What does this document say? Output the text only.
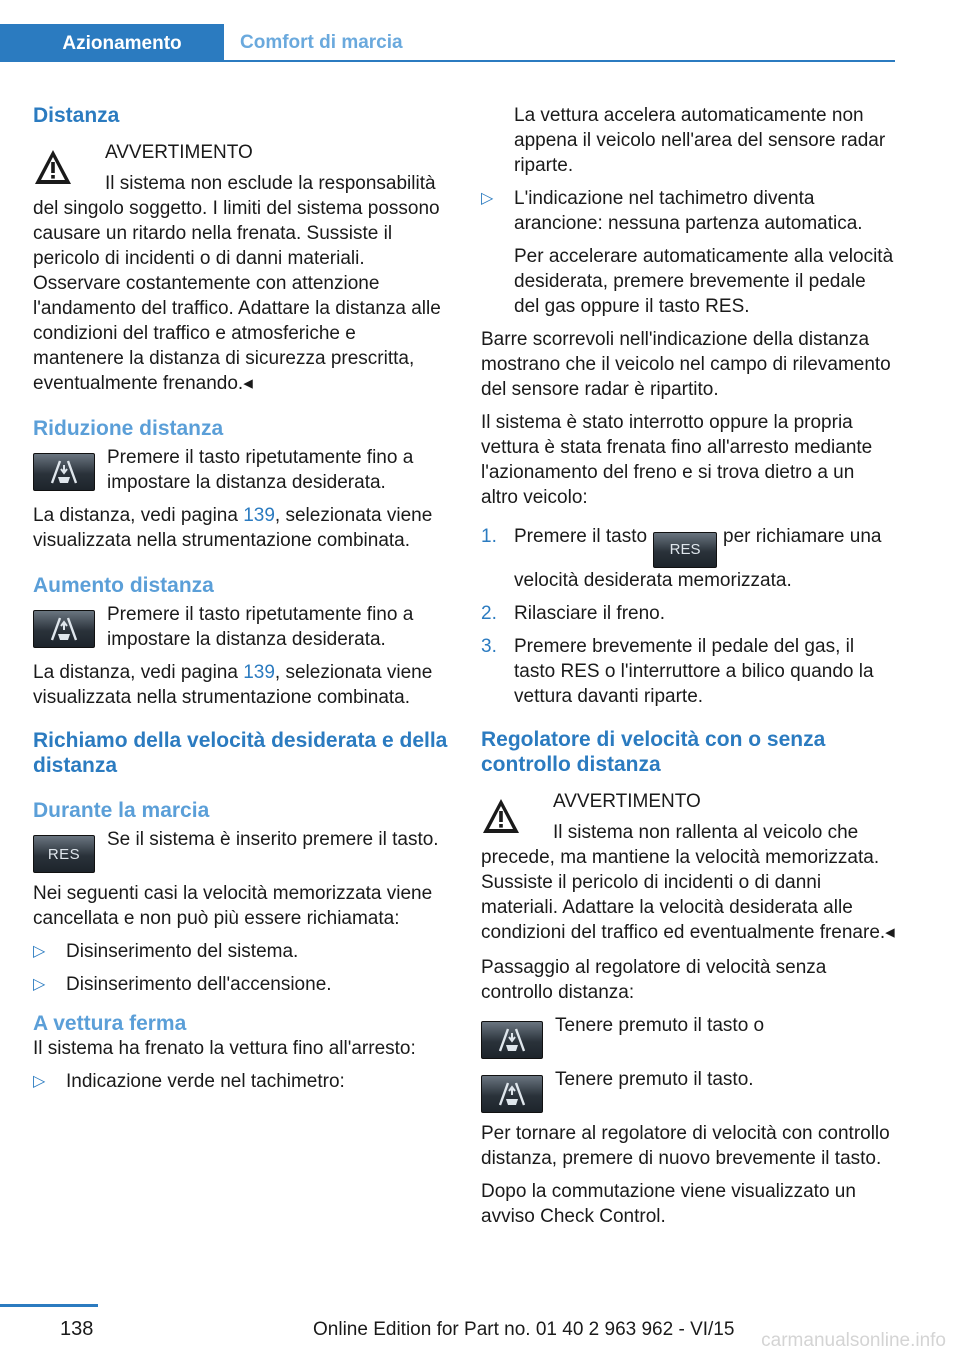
Azionamento	Comfort di marcia
Distanza
AVVERTIMENTO

Il sistema non esclude la responsabilità del singolo soggetto. I limiti del sistema possono causare un ritardo nella frenata. Sussiste il pericolo di incidenti o di danni materiali. Osservare costantemente con attenzione l'andamento del traffico. Adattare la distanza alle condizioni del traffico e atmosferiche e mantenere la distanza di sicurezza prescritta, eventualmente frenando.◂

Riduzione distanza
Premere il tasto ripetutamente fino a impostare la distanza desiderata.

La distanza, vedi pagina 139, selezionata viene visualizzata nella strumentazione combinata.

Aumento distanza
Premere il tasto ripetutamente fino a impostare la distanza desiderata.

La distanza, vedi pagina 139, selezionata viene visualizzata nella strumentazione combinata.

Richiamo della velocità desiderata e della distanza
Durante la marcia
RES
Se il sistema è inserito premere il tasto.

Nei seguenti casi la velocità memorizzata viene cancellata e non può più essere richiamata:

▷	Disinserimento del sistema.
▷	Disinserimento dell'accensione.
A vettura ferma

Il sistema ha frenato la vettura fino all'arresto:

▷	Indicazione verde nel tachimetro:

La vettura accelera automaticamente non appena il veicolo nell'area del sensore radar riparte.

▷	L'indicazione nel tachimetro diventa arancione: nessuna partenza automatica.

Per accelerare automaticamente alla velocità desiderata, premere brevemente il pedale del gas oppure il tasto RES.

Barre scorrevoli nell'indicazione della distanza mostrano che il veicolo nel campo di rilevamento del sensore radar è ripartito.

Il sistema è stato interrotto oppure la propria vettura è stata frenata fino all'arresto mediante l'azionamento del freno e si trova dietro a un altro veicolo:

1. Premere il tastoRESper richiamare una velocità desiderata memorizzata.
2. Rilasciare il freno.
3. Premere brevemente il pedale del gas, il tasto RES o l'interruttore a bilico quando la vettura davanti riparte.
Regolatore di velocità con o senza controllo distanza
AVVERTIMENTO

Il sistema non rallenta al veicolo che precede, ma mantiene la velocità memorizzata. Sussiste il pericolo di incidenti o di danni materiali. Adattare la velocità desiderata alle condizioni del traffico ed eventualmente frenare.◂

Passaggio al regolatore di velocità senza controllo distanza:

Tenere premuto il tasto o
Tenere premuto il tasto.

Per tornare al regolatore di velocità con controllo distanza, premere di nuovo brevemente il tasto.

Dopo la commutazione viene visualizzato un avviso Check Control.

138	Online Edition for Part no. 01 40 2 963 962 - VI/15
carmanualsonline.info
